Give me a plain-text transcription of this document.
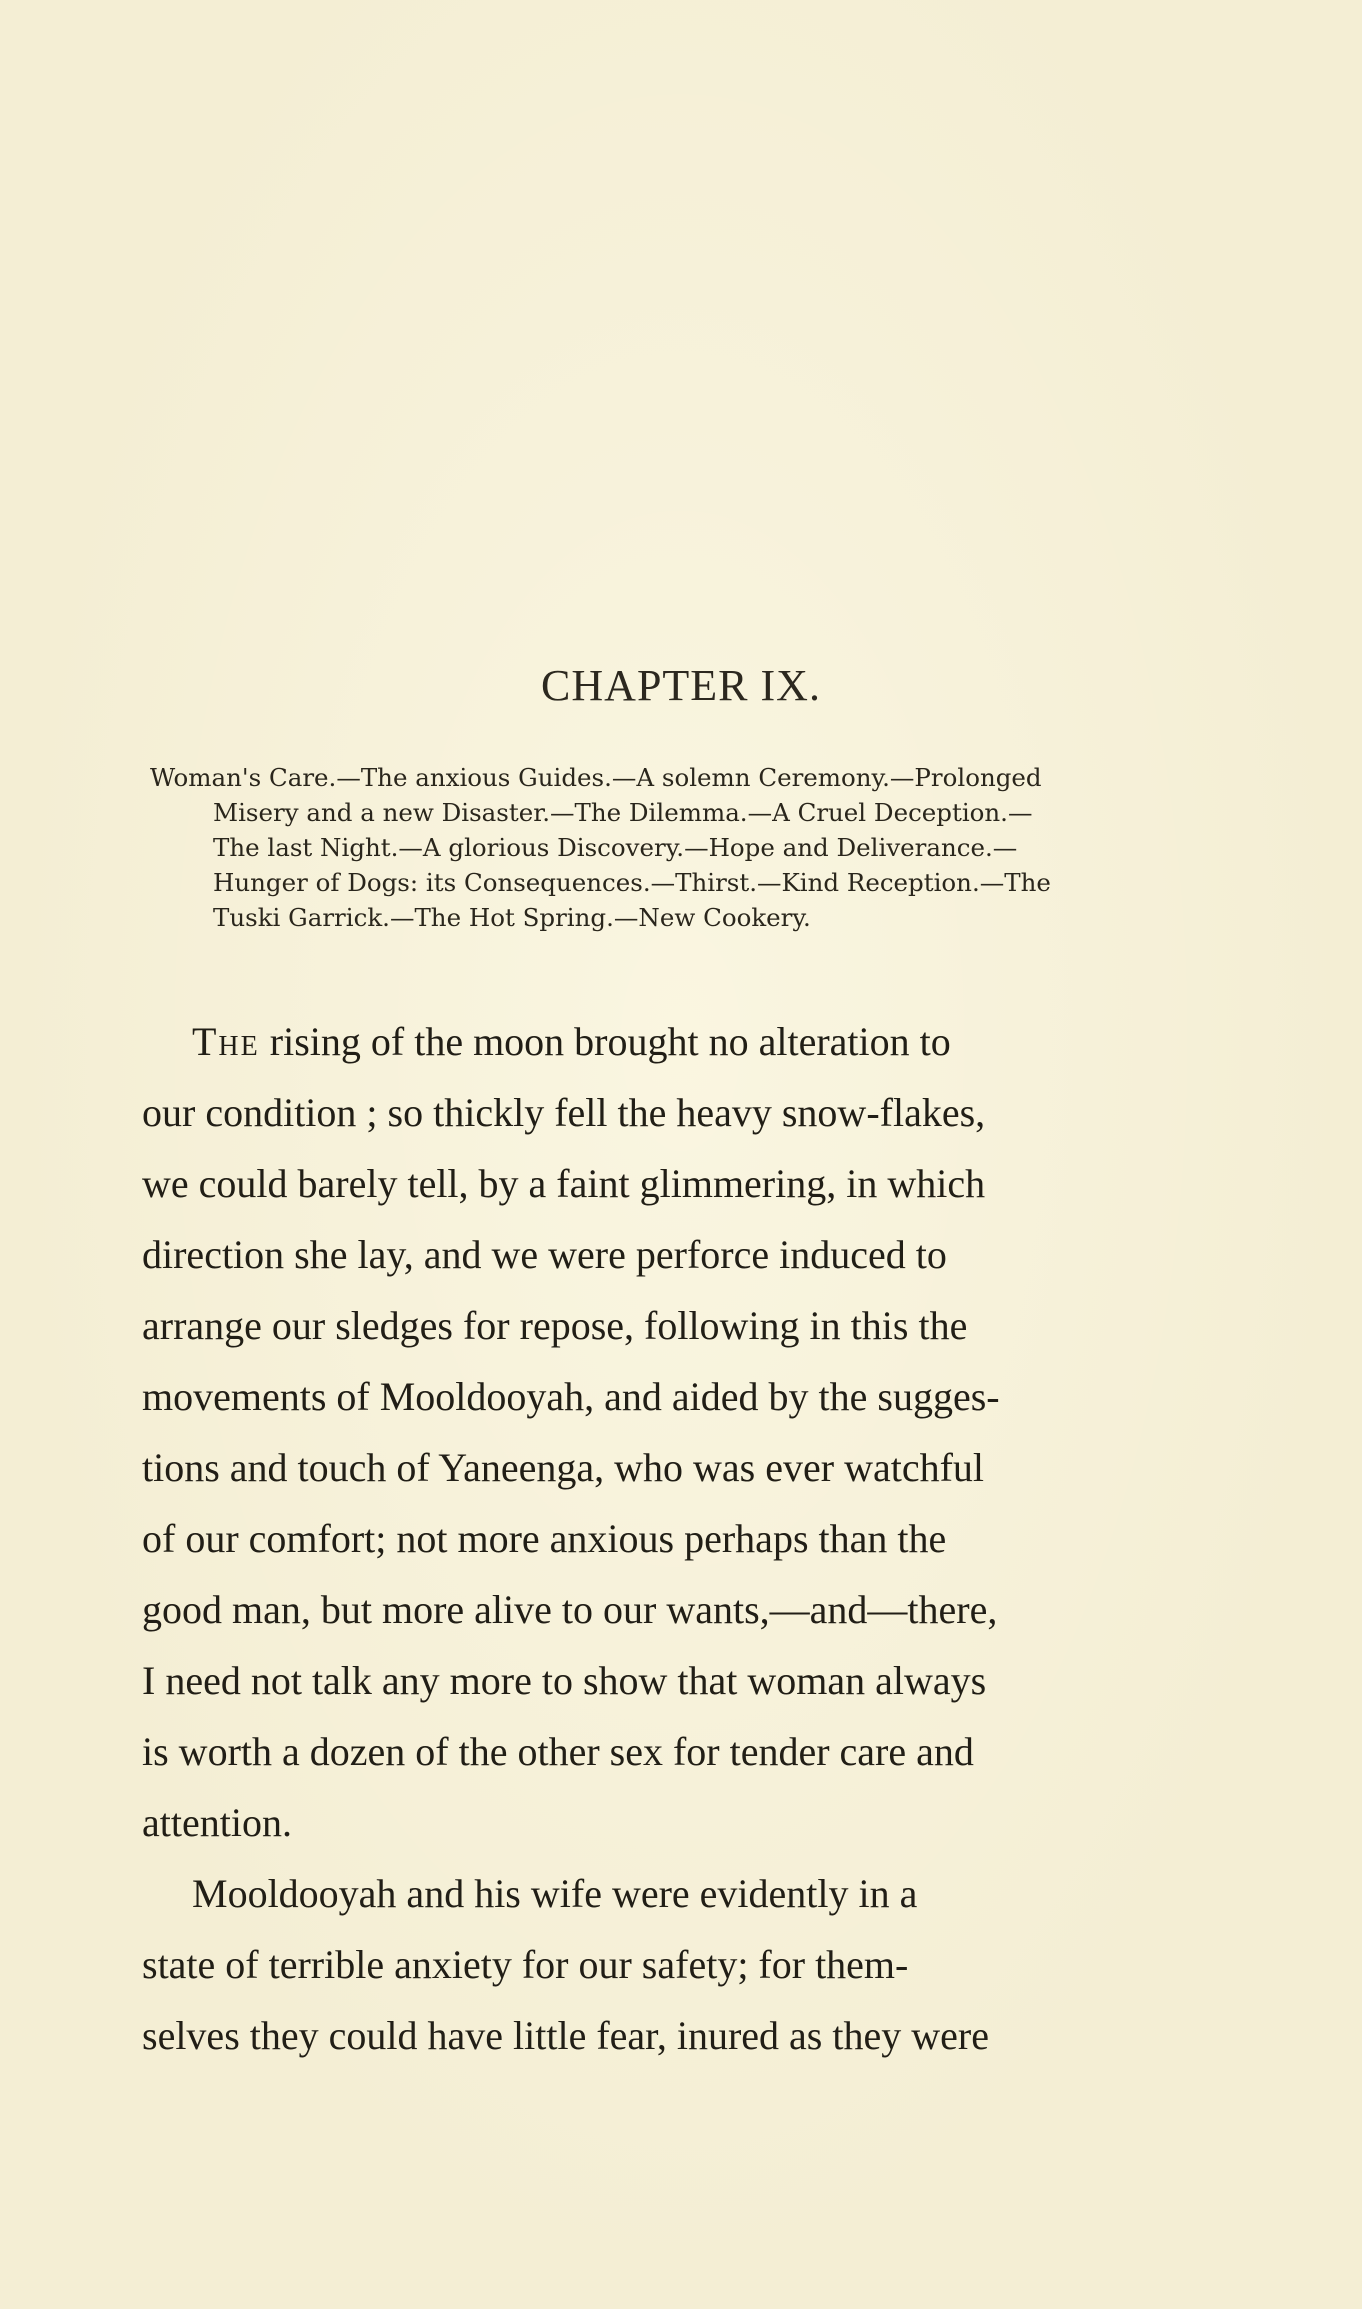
CHAPTER IX.
Woman's Care.—The anxious Guides.—A solemn Ceremony.—Prolonged
Misery and a new Disaster.—The Dilemma.—A Cruel Deception.—
The last Night.—A glorious Discovery.—Hope and Deliverance.—
Hunger of Dogs: its Consequences.—Thirst.—Kind Reception.—The
Tuski Garrick.—The Hot Spring.—New Cookery.
The rising of the moon brought no alteration to
our condition ; so thickly fell the heavy snow-flakes,
we could barely tell, by a faint glimmering, in which
direction she lay, and we were perforce induced to
arrange our sledges for repose, following in this the
movements of Mooldooyah, and aided by the sugges-
tions and touch of Yaneenga, who was ever watchful
of our comfort; not more anxious perhaps than the
good man, but more alive to our wants,—and—there,
I need not talk any more to show that woman always
is worth a dozen of the other sex for tender care and
attention.
Mooldooyah and his wife were evidently in a
state of terrible anxiety for our safety; for them-
selves they could have little fear, inured as they were
